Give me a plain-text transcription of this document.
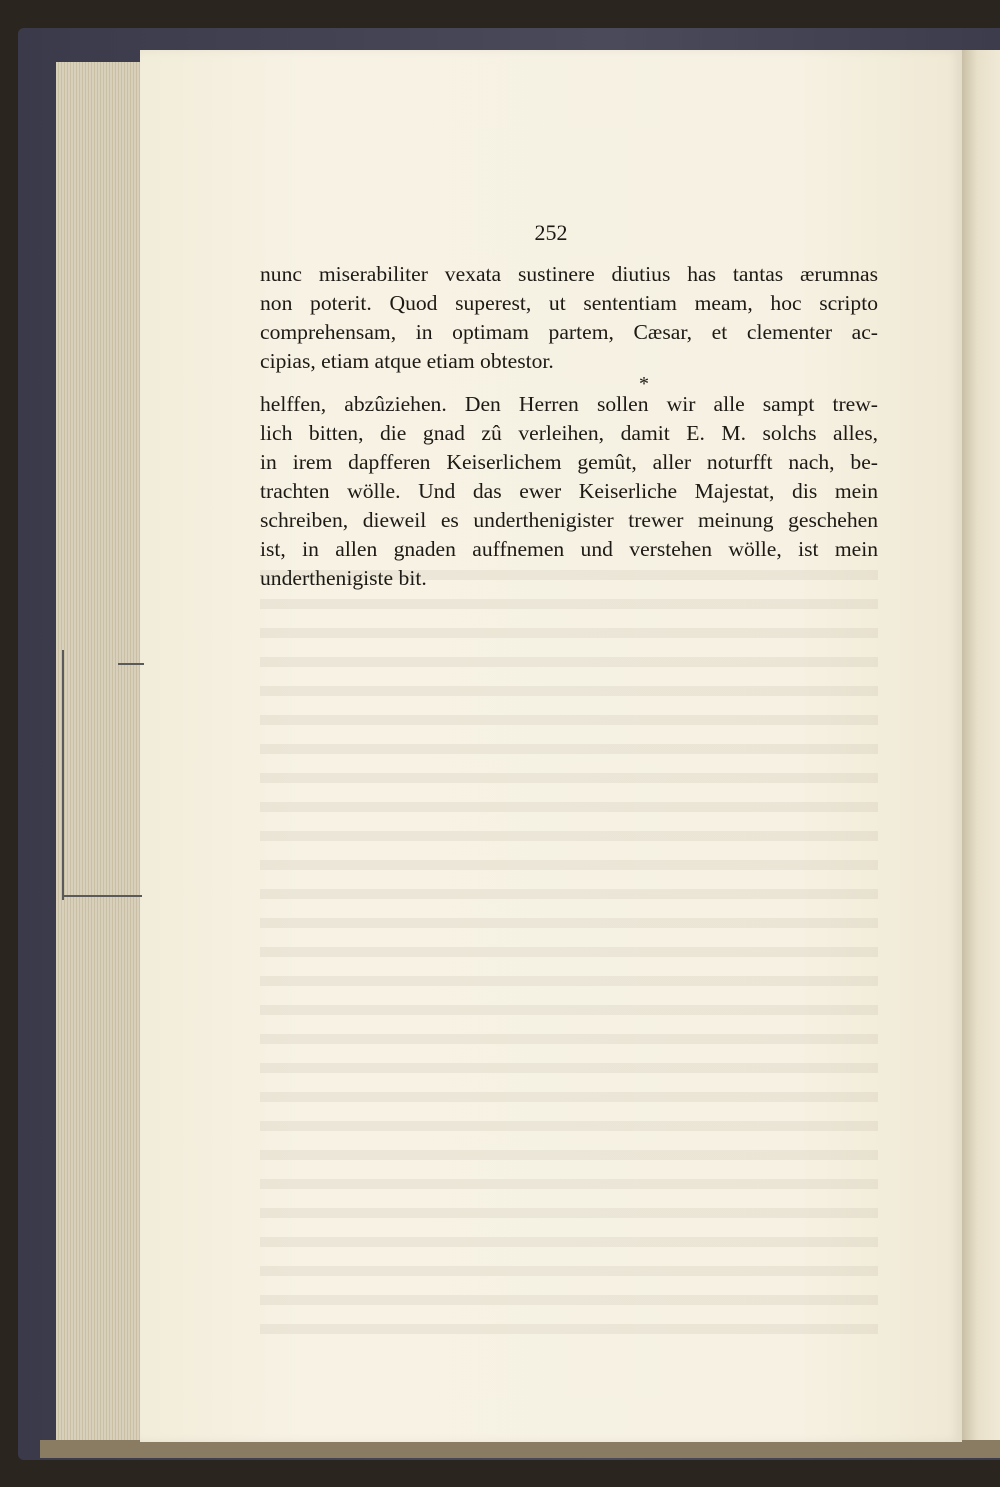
252
nunc miserabiliter vexata sustinere diutius has tantas ærumnas
non poterit. Quod superest, ut sententiam meam, hoc scripto
comprehensam, in optimam partem, Cæsar, et clementer ac-
cipias, etiam atque etiam obtestor.
*
helffen, abzûziehen. Den Herren sollen wir alle sampt trew-
lich bitten, die gnad zû verleihen, damit E. M. solchs alles,
in irem dapfferen Keiserlichem gemût, aller noturfft nach, be-
trachten wölle. Und das ewer Keiserliche Majestat, dis mein
schreiben, dieweil es underthenigister trewer meinung geschehen
ist, in allen gnaden auffnemen und verstehen wölle, ist mein
underthenigiste bit.
